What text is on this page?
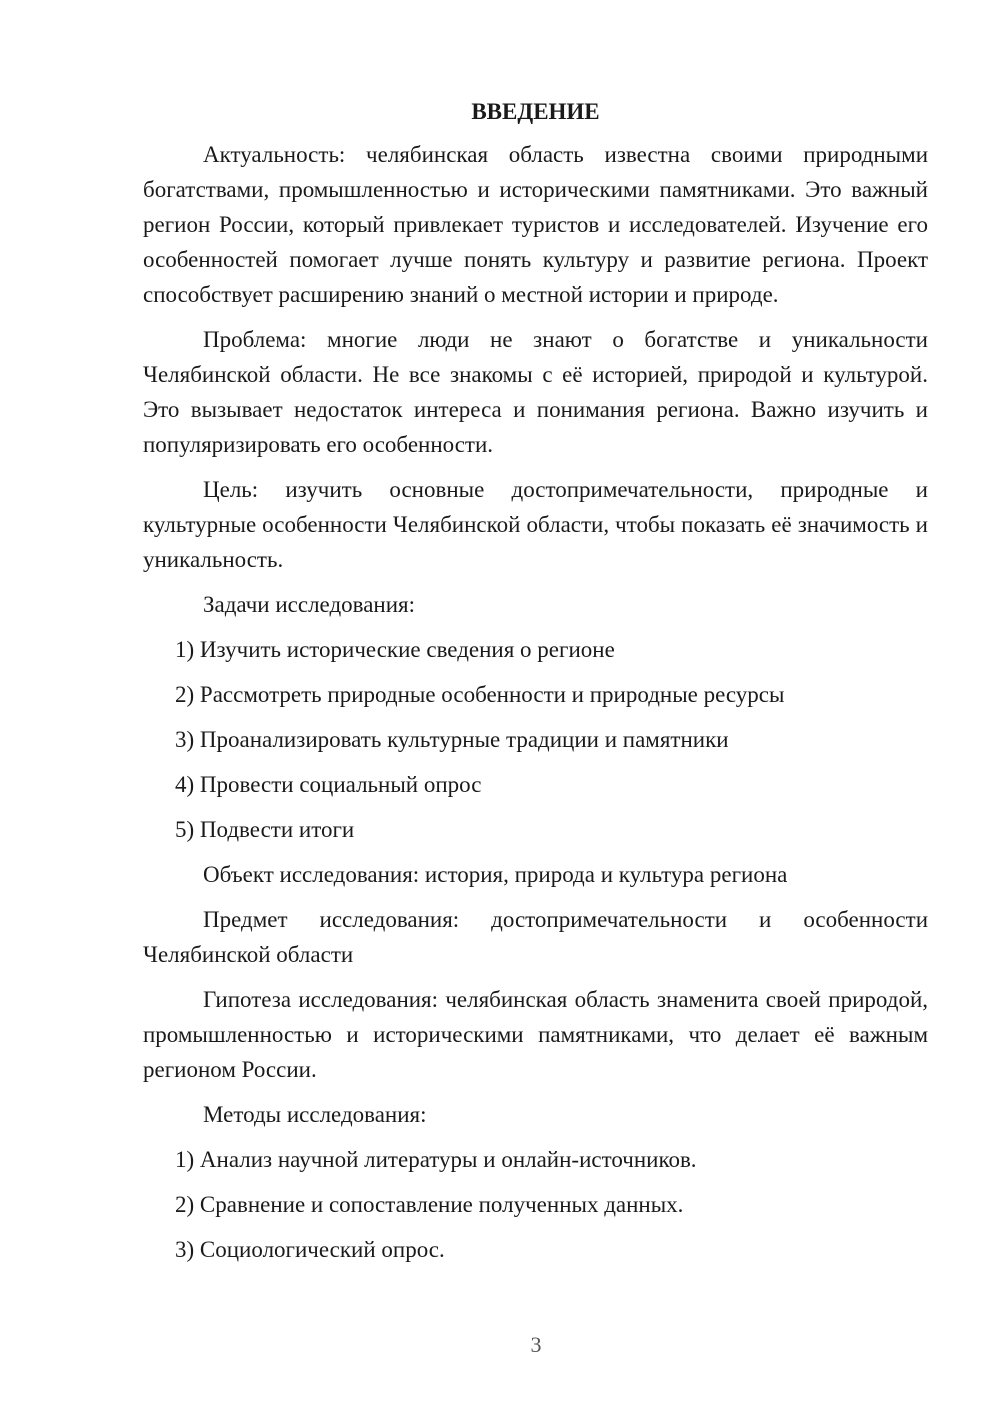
ВВЕДЕНИЕ

Актуальность: челябинская область известна своими природными богатствами, промышленностью и историческими памятниками. Это важный регион России, который привлекает туристов и исследователей. Изучение его особенностей помогает лучше понять культуру и развитие региона. Проект способствует расширению знаний о местной истории и природе.

Проблема: многие люди не знают о богатстве и уникальности Челябинской области. Не все знакомы с её историей, природой и культурой. Это вызывает недостаток интереса и понимания региона. Важно изучить и популяризировать его особенности.

Цель: изучить основные достопримечательности, природные и культурные особенности Челябинской области, чтобы показать её значимость и уникальность.

Задачи исследования:

1) Изучить исторические сведения о регионе
2) Рассмотреть природные особенности и природные ресурсы
3) Проанализировать культурные традиции и памятники
4) Провести социальный опрос
5) Подвести итоги

Объект исследования: история, природа и культура региона

Предмет исследования: достопримечательности и особенности Челябинской области

Гипотеза исследования: челябинская область знаменита своей природой, промышленностью и историческими памятниками, что делает её важным регионом России.

Методы исследования:

1) Анализ научной литературы и онлайн-источников.
2) Сравнение и сопоставление полученных данных.
3) Социологический опрос.
3
